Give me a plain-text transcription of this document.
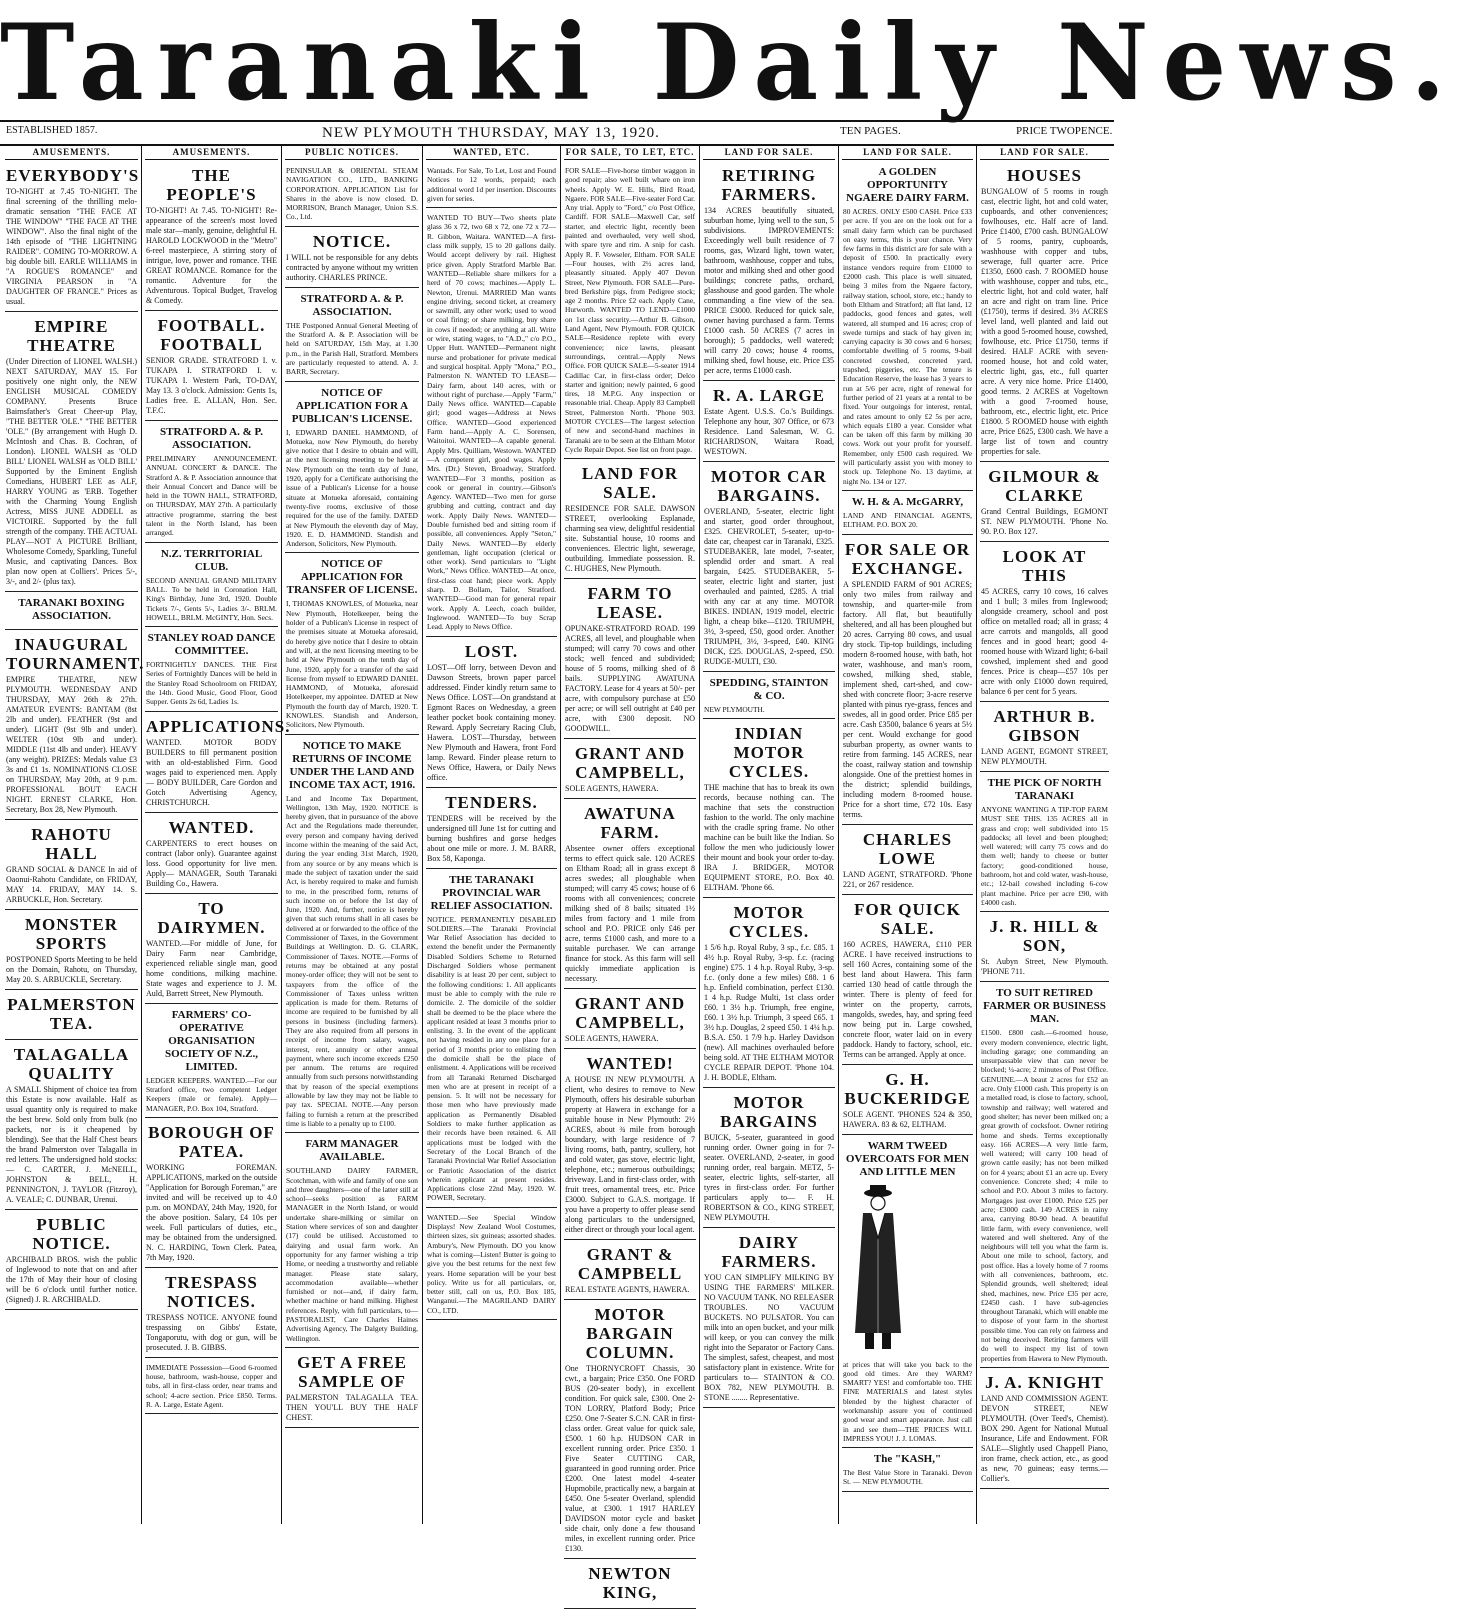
Taranaki Daily News.
ESTABLISHED 1857.	NEW PLYMOUTH THURSDAY, MAY 13, 1920.	TEN PAGES.	PRICE TWOPENCE.
AMUSEMENTS.
EVERYBODY'S

TO-NIGHT at 7.45 TO-NIGHT. The final screening of the thrilling melo-dramatic sensation "THE FACE AT THE WINDOW" "THE FACE AT THE WINDOW". Also the final night of the 14th episode of "THE LIGHTNING RAIDER". COMING TO-MORROW. A big double bill. EARLE WILLIAMS in "A ROGUE'S ROMANCE" and VIRGINIA PEARSON in "A DAUGHTER OF FRANCE." Prices as usual.

EMPIRE THEATRE

(Under Direction of LIONEL WALSH.) NEXT SATURDAY, MAY 15. For positively one night only, the NEW ENGLISH MUSICAL COMEDY COMPANY. Presents Bruce Bairnsfather's Great Cheer-up Play, "THE BETTER 'OLE." "THE BETTER 'OLE." (By arrangement with Hugh D. McIntosh and Chas. B. Cochran, of London). LIONEL WALSH as 'OLD BILL' LIONEL WALSH as 'OLD BILL' Supported by the Eminent English Comedians, HUBERT LEE as ALF, HARRY YOUNG as 'ERB. Together with the Charming Young English Actress, MISS JUNE ADDELL as VICTOIRE. Supported by the full strength of the company. THE ACTUAL PLAY—NOT A PICTURE Brilliant, Wholesome Comedy, Sparkling, Tuneful Music, and captivating Dances. Box plan now open at Colliers'. Prices 5/-, 3/-, and 2/- (plus tax).

TARANAKI BOXING ASSOCIATION.
INAUGURAL TOURNAMENT.

EMPIRE THEATRE, NEW PLYMOUTH. WEDNESDAY AND THURSDAY, MAY 26th & 27th. AMATEUR EVENTS: BANTAM (8st 2lb and under). FEATHER (9st and under). LIGHT (9st 9lb and under). WELTER (10st 9lb and under). MIDDLE (11st 4lb and under). HEAVY (any weight). PRIZES: Medals value £3 3s and £1 1s. NOMINATIONS CLOSE on THURSDAY, May 20th, at 9 p.m. PROFESSIONAL BOUT EACH NIGHT. ERNEST CLARKE, Hon. Secretary, Box 28, New Plymouth.

RAHOTU HALL

GRAND SOCIAL & DANCE In aid of Oaonui-Rahotu Candidate, on FRIDAY, MAY 14. FRIDAY, MAY 14. S. ARBUCKLE, Hon. Secretary.

MONSTER SPORTS

POSTPONED Sports Meeting to be held on the Domain, Rahotu, on Thursday, May 20. S. ARBUCKLE, Secretary.

PALMERSTON TEA.
TALAGALLA QUALITY

A SMALL Shipment of choice tea from this Estate is now available. Half as usual quantity only is required to make the best brew. Sold only from bulk (no packets, nor is it cheapened by blending). See that the Half Chest bears the brand Palmerston over Talagalla in red letters. The undersigned hold stocks:— C. CARTER, J. McNEILL, JOHNSTON & BELL, H. PENNINGTON, J. TAYLOR (Fitzroy), A. VEALE; C. DUNBAR, Urenui.

PUBLIC NOTICE.

ARCHIBALD BROS. wish the public of Inglewood to note that on and after the 17th of May their hour of closing will be 6 o'clock until further notice. (Signed) J. R. ARCHIBALD.

AMUSEMENTS.
THE PEOPLE'S

TO-NIGHT! At 7.45. TO-NIGHT! Re-appearance of the screen's most loved male star—manly, genuine, delightful H. HAROLD LOCKWOOD in the "Metro" 6-reel masterpiece, A stirring story of intrigue, love, power and romance. THE GREAT ROMANCE. Romance for the romantic. Adventure for the Adventurous. Topical Budget, Travelog & Comedy.

FOOTBALL. FOOTBALL

SENIOR GRADE. STRATFORD I. v. TUKAPA I. STRATFORD I. v. TUKAPA I. Western Park, TO-DAY, May 13. 3 o'clock. Admission: Gents 1s, Ladies free. E. ALLAN, Hon. Sec. T.F.C.

STRATFORD A. & P. ASSOCIATION.

PRELIMINARY ANNOUNCEMENT. ANNUAL CONCERT & DANCE. The Stratford A. & P. Association announce that their Annual Concert and Dance will be held in the TOWN HALL, STRATFORD, on THURSDAY, MAY 27th. A particularly attractive programme, starring the best talent in the North Island, has been arranged.

N.Z. TERRITORIAL CLUB.

SECOND ANNUAL GRAND MILITARY BALL. To be held in Coronation Hall, King's Birthday, June 3rd, 1920. Double Tickets 7/-, Gents 5/-, Ladies 3/-. BRLM. HOWELL, BRLM. McGINTY, Hon. Secs.

STANLEY ROAD DANCE COMMITTEE.

FORTNIGHTLY DANCES. THE First Series of Fortnightly Dances will be held in the Stanley Road Schoolroom on FRIDAY, the 14th. Good Music, Good Floor, Good Supper. Gents 2s 6d, Ladies 1s.

APPLICATIONS.

WANTED. MOTOR BODY BUILDERS to fill permanent position with an old-established Firm. Good wages paid to experienced men. Apply— BODY BUILDER, Care Gordon and Gotch Advertising Agency, CHRISTCHURCH.

WANTED.

CARPENTERS to erect houses on contract (labor only). Guarantee against loss. Good opportunity for live men. Apply— MANAGER, South Taranaki Building Co., Hawera.

TO DAIRYMEN.

WANTED.—For middle of June, for Dairy Farm near Cambridge, experienced reliable single man, good home conditions, milking machine. State wages and experience to J. M. Auld, Barrett Street, New Plymouth.

FARMERS' CO-OPERATIVE ORGANISATION SOCIETY OF N.Z., LIMITED.

LEDGER KEEPERS. WANTED.—For our Stratford office, two competent Ledger Keepers (male or female). Apply— MANAGER, P.O. Box 104, Stratford.

BOROUGH OF PATEA.

WORKING FOREMAN. APPLICATIONS, marked on the outside "Application for Borough Foreman," are invited and will be received up to 4.0 p.m. on MONDAY, 24th May, 1920, for the above position. Salary, £4 10s per week. Full particulars of duties, etc., may be obtained from the undersigned. N. C. HARDING, Town Clerk. Patea, 7th May, 1920.

TRESPASS NOTICES.

TRESPASS NOTICE. ANYONE found trespassing on Gibbs' Estate, Tongaporutu, with dog or gun, will be prosecuted. J. B. GIBBS.

IMMEDIATE Possession—Good 6-roomed house, bathroom, wash-house, copper and tubs, all in first-class order, near trams and school; 4-acre section. Price £850. Terms. R. A. Large, Estate Agent.

PUBLIC NOTICES.

PENINSULAR & ORIENTAL STEAM NAVIGATION CO., LTD., BANKING CORPORATION. APPLICATION List for Shares in the above is now closed. D. MORRISON, Branch Manager, Union S.S. Co., Ltd.

NOTICE.

I WILL not be responsible for any debts contracted by anyone without my written authority. CHARLES PRINCE.

STRATFORD A. & P. ASSOCIATION.

THE Postponed Annual General Meeting of the Stratford A. & P. Association will be held on SATURDAY, 15th May, at 1.30 p.m., in the Parish Hall, Stratford. Members are particularly requested to attend. A. J. BARR, Secretary.

NOTICE OF APPLICATION FOR A PUBLICAN'S LICENSE.

I, EDWARD DANIEL HAMMOND, of Motueka, now New Plymouth, do hereby give notice that I desire to obtain and will, at the next licensing meeting to be held at New Plymouth on the tenth day of June, 1920, apply for a Certificate authorising the issue of a Publican's License for a house situate at Motueka aforesaid, containing twenty-five rooms, exclusive of those required for the use of the family. DATED at New Plymouth the eleventh day of May, 1920. E. D. HAMMOND. Standish and Anderson, Solicitors, New Plymouth.

NOTICE OF APPLICATION FOR TRANSFER OF LICENSE.

I, THOMAS KNOWLES, of Motueka, near New Plymouth, Hotelkeeper, being the holder of a Publican's License in respect of the premises situate at Motueka aforesaid, do hereby give notice that I desire to obtain and will, at the next licensing meeting to be held at New Plymouth on the tenth day of June, 1920, apply for a transfer of the said license from myself to EDWARD DANIEL HAMMOND, of Motueka, aforesaid Hotelkeeper, my appointee. DATED at New Plymouth the fourth day of March, 1920. T. KNOWLES. Standish and Anderson, Solicitors, New Plymouth.

NOTICE TO MAKE RETURNS OF INCOME UNDER THE LAND AND INCOME TAX ACT, 1916.

Land and Income Tax Department, Wellington, 13th May, 1920. NOTICE is hereby given, that in pursuance of the above Act and the Regulations made thereunder, every person and company having derived income within the meaning of the said Act, during the year ending 31st March, 1920, from any source or by any means which is made the subject of taxation under the said Act, is hereby required to make and furnish to me, in the prescribed form, returns of such income on or before the 1st day of June, 1920. And, further, notice is hereby given that such returns shall in all cases be delivered at or forwarded to the office of the Commissioner of Taxes, in the Government Buildings at Wellington. D. G. CLARK, Commissioner of Taxes. NOTE.—Forms of returns may be obtained at any postal money-order office; they will not be sent to taxpayers from the office of the Commissioner of Taxes unless written application is made for them. Returns of income are required to be furnished by all persons in business (including farmers). They are also required from all persons in receipt of income from salary, wages, interest, rent, annuity or other annual payment, where such income exceeds £250 per annum. The returns are required annually from such persons notwithstanding that by reason of the special exemptions allowable by law they may not be liable to pay tax. SPECIAL NOTE.—Any person failing to furnish a return at the prescribed time is liable to a penalty up to £100.

FARM MANAGER AVAILABLE.

SOUTHLAND DAIRY FARMER, Scotchman, with wife and family of one son and three daughters—one of the latter still at school—seeks position as FARM MANAGER in the North Island, or would undertake share-milking or similar on Station where services of son and daughter (17) could be utilised. Accustomed to dairying and usual farm work. An opportunity for any farmer wishing a trip Home, or needing a trustworthy and reliable manager. Please state salary, accommodation available—whether furnished or not—and, if dairy farm, whether machine or hand milking. Highest references. Reply, with full particulars, to— PASTORALIST, Care Charles Haines Advertising Agency, The Dalgety Building, Wellington.

GET A FREE SAMPLE OF

PALMERSTON TALAGALLA TEA. THEN YOU'LL BUY THE HALF CHEST.

WANTED, ETC.

Wantads. For Sale, To Let, Lost and Found Notices to 12 words, prepaid; each additional word 1d per insertion. Discounts given for series.

WANTED TO BUY—Two sheets plate glass 36 x 72, two 68 x 72, one 72 x 72—R. Gibbon, Waitara. WANTED—A first-class milk supply, 15 to 20 gallons daily. Would accept delivery by rail. Highest price given. Apply Stratford Marble Bar. WANTED—Reliable share milkers for a herd of 70 cows; machines.—Apply L. Newton, Urenui. MARRIED Man wants engine driving, second ticket, at creamery or sawmill, any other work; used to wood or coal firing; or share milking, buy share in cows if needed; or anything at all. Write or wire, stating wages, to "A.D.," c/o P.O., Upper Hutt. WANTED—Permanent night nurse and probationer for private medical and surgical hospital. Apply "Mona," P.O., Palmerston N. WANTED TO LEASE—Dairy farm, about 140 acres, with or without right of purchase.—Apply "Farm," Daily News office. WANTED—Capable girl; good wages—Address at News Office. WANTED—Good experienced Farm hand.—Apply A. C. Sorensen, Waitoitoi. WANTED—A capable general. Apply Mrs. Quilliam, Westown. WANTED—A competent girl, good wages. Apply Mrs. (Dr.) Steven, Broadway, Stratford. WANTED—For 3 months, position as cook or general in country.—Gibson's Agency. WANTED—Two men for gorse grubbing and cutting, contract and day work. Apply Daily News. WANTED—Double furnished bed and sitting room if possible, all conveniences. Apply "Seton," Daily News. WANTED—By elderly gentleman, light occupation (clerical or other work). Send particulars to "Light Work," News Office. WANTED—At once, first-class coat hand; piece work. Apply sharp. D. Bollam, Tailor, Stratford. WANTED—Good man for general repair work. Apply A. Leech, coach builder, Inglewood. WANTED—To buy Scrap Lead. Apply to News Office.

LOST.

LOST—Off lorry, between Devon and Dawson Streets, brown paper parcel addressed. Finder kindly return same to News Office. LOST—On grandstand at Egmont Races on Wednesday, a green leather pocket book containing money. Reward. Apply Secretary Racing Club, Hawera. LOST—Thursday, between New Plymouth and Hawera, front Ford lamp. Reward. Finder please return to News Office, Hawera, or Daily News office.

TENDERS.

TENDERS will be received by the undersigned till June 1st for cutting and burning bushfires and gorse hedges about one mile or more. J. M. BARR, Box 58, Kaponga.

THE TARANAKI PROVINCIAL WAR RELIEF ASSOCIATION.

NOTICE. PERMANENTLY DISABLED SOLDIERS.—The Taranaki Provincial War Relief Association has decided to extend the benefit under the Permanently Disabled Soldiers Scheme to Returned Discharged Soldiers whose permanent disability is at least 20 per cent, subject to the following conditions: 1. All applicants must be able to comply with the rule re domicile. 2. The domicile of the soldier shall be deemed to be the place where the applicant resided at least 3 months prior to enlisting. 3. In the event of the applicant not having resided in any one place for a period of 3 months prior to enlisting then the domicile shall be the place of enlistment. 4. Applications will be received from all Taranaki Returned Discharged men who are at present in receipt of a pension. 5. It will not be necessary for those men who have previously made application as Permanently Disabled Soldiers to make further application as their records have been retained. 6. All applications must be lodged with the Secretary of the Local Branch of the Taranaki Provincial War Relief Association or Patriotic Association of the district wherein applicant at present resides. Applications close 22nd May, 1920. W. POWER, Secretary.

WANTED.—See Special Window Displays! New Zealand Wool Costumes, thirteen sizes, six guineas; assorted shades. Ambury's, New Plymouth. DO you know what is coming—Listen! Butter is going to give you the best returns for the next few years. Home separation will be your best policy. Write us for all particulars, or, better still, call on us, P.O. Box 185, Wanganui.—The MAGRILAND DAIRY CO., LTD.

FOR SALE, TO LET, ETC.

FOR SALE—Five-horse timber waggon in good repair; also well built whare on iron wheels. Apply W. E. Hills, Bird Road, Ngaere. FOR SALE—Five-seater Ford Car. Any trial. Apply to "Ford," c/o Post Office, Cardiff. FOR SALE—Maxwell Car, self starter, and electric light, recently been painted and overhauled, very well shod, with spare tyre and rim. A snip for cash. Apply R. F. Vowseler, Eltham. FOR SALE—Four houses, with 2½ acres land, pleasantly situated. Apply 407 Devon Street, New Plymouth. FOR SALE—Pure-bred Berkshire pigs, from Pedigree stock; age 2 months. Price £2 each. Apply Cane, Hurworth. WANTED TO LEND—£1000 on 1st class security.—Arthur B. Gibson, Land Agent, New Plymouth. FOR QUICK SALE—Residence replete with every convenience; nice lawns, pleasant surroundings, central.—Apply News Office. FOR QUICK SALE—5-seater 1914 Cadillac Car, in first-class order; Delco starter and ignition; newly painted, 6 good tires, 18 M.P.G. Any inspection or reasonable trial. Cheap. Apply 83 Campbell Street, Palmerston North. 'Phone 903. MOTOR CYCLES—The largest selection of new and second-hand machines in Taranaki are to be seen at the Eltham Motor Cycle Repair Depot. See list on front page.

LAND FOR SALE.

RESIDENCE FOR SALE. DAWSON STREET, overlooking Esplanade, charming sea view, delightful residential site. Substantial house, 10 rooms and conveniences. Electric light, sewerage, outbuilding. Immediate possession. R. C. HUGHES, New Plymouth.

FARM TO LEASE.

OPUNAKE-STRATFORD ROAD. 199 ACRES, all level, and ploughable when stumped; will carry 70 cows and other stock; well fenced and subdivided; house of 5 rooms, milking shed of 8 bails. SUPPLYING AWATUNA FACTORY. Lease for 4 years at 50/- per acre, with compulsory purchase at £50 per acre; or will sell outright at £40 per acre, with £300 deposit. NO GOODWILL.

GRANT AND CAMPBELL,

SOLE AGENTS, HAWERA.

AWATUNA FARM.

Absentee owner offers exceptional terms to effect quick sale. 120 ACRES on Eltham Road; all in grass except 8 acres swedes; all ploughable when stumped; will carry 45 cows; house of 6 rooms with all conveniences; concrete milking shed of 8 bails; situated 1½ miles from factory and 1 mile from school and P.O. PRICE only £46 per acre, terms £1000 cash, and more to a suitable purchaser. We can arrange finance for stock. As this farm will sell quickly immediate application is necessary.

GRANT AND CAMPBELL,

SOLE AGENTS, HAWERA.

WANTED!

A HOUSE IN NEW PLYMOUTH. A client, who desires to remove to New Plymouth, offers his desirable suburban property at Hawera in exchange for a suitable house in New Plymouth: 2½ ACRES, about ¾ mile from borough boundary, with large residence of 7 living rooms, bath, pantry, scullery, hot and cold water, gas stove, electric light, telephone, etc.; numerous outbuildings; driveway. Land in first-class order, with fruit trees, ornamental trees, etc. Price £3000. Subject to G.A.S. mortgage. If you have a property to offer please send along particulars to the undersigned, either direct or through your local agent.

GRANT & CAMPBELL

REAL ESTATE AGENTS, HAWERA.

MOTOR BARGAIN COLUMN.

One THORNYCROFT Chassis, 30 cwt., a bargain; Price £350. One FORD BUS (20-seater body), in excellent condition. For quick sale, £300. One 2-TON LORRY, Platford Body; Price £250. One 7-Seater S.C.N. CAR in first-class order. Great value for quick sale, £500. 1 60 h.p. HUDSON CAR in excellent running order. Price £350. 1 Five Seater CUTTING CAR, guaranteed in good running order. Price £200. One latest model 4-seater Hupmobile, practically new, a bargain at £450. One 5-seater Overland, splendid value, at £300. 1 1917 HARLEY DAVIDSON motor cycle and basket side chair, only done a few thousand miles, in excellent running order. Price £130.

NEWTON KING,
LAND FOR SALE.
RETIRING FARMERS.

134 ACRES beautifully situated, suburban home, lying well to the sun, 5 subdivisions. IMPROVEMENTS: Exceedingly well built residence of 7 rooms, gas, Wizard light, town water, bathroom, washhouse, copper and tubs, motor and milking shed and other good buildings; concrete paths, orchard, glasshouse and good garden. The whole commanding a fine view of the sea. PRICE £3000. Reduced for quick sale, owner having purchased a farm. Terms £1000 cash. 50 ACRES (7 acres in borough); 5 paddocks, well watered; will carry 20 cows; house 4 rooms, milking shed, fowl house, etc. Price £35 per acre, terms £1000 cash.

R. A. LARGE

Estate Agent. U.S.S. Co.'s Buildings. Telephone any hour, 307 Office, or 673 Residence. Land Salesman, W. G. RICHARDSON, Waitara Road, WESTOWN.

MOTOR CAR BARGAINS.

OVERLAND, 5-seater, electric light and starter, good order throughout, £325. CHEVROLET, 5-seater, up-to-date car, cheapest car in Taranaki, £325. STUDEBAKER, late model, 7-seater, splendid order and smart. A real bargain, £425. STUDEBAKER, 5-seater, electric light and starter, just overhauled and painted, £285. A trial with any car at any time. MOTOR BIKES. INDIAN, 1919 model, electric light, a cheap bike—£120. TRIUMPH, 3½, 3-speed, £50, good order. Another TRIUMPH, 3½, 3-speed, £40. KING DICK, £25. DOUGLAS, 2-speed, £50. RUDGE-MULTI, £30.

SPEDDING, STAINTON & CO.

NEW PLYMOUTH.

INDIAN MOTOR CYCLES.

THE machine that has to break its own records, because nothing can. The machine that sets the construction fashion to the world. The only machine with the cradle spring frame. No other machine can be built like the Indian. So follow the men who judiciously lower their mount and book your order to-day. IRA J. BRIDGER, MOTOR EQUIPMENT STORE, P.O. Box 40. ELTHAM. 'Phone 66.

MOTOR CYCLES.

1 5/6 h.p. Royal Ruby, 3 sp., f.c. £85. 1 4½ h.p. Royal Ruby, 3-sp. f.c. (racing engine) £75. 1 4 h.p. Royal Ruby, 3-sp. f.c. (only done a few miles) £88. 1 6 h.p. Enfield combination, perfect £130. 1 4 h.p. Rudge Multi, 1st class order £60. 1 3½ h.p. Triumph, free engine, £60. 1 3½ h.p. Triumph, 3 speed £65. 1 3½ h.p. Douglas, 2 speed £50. 1 4¼ h.p. B.S.A. £50. 1 7/9 h.p. Harley Davidson (new). All machines overhauled before being sold. AT THE ELTHAM MOTOR CYCLE REPAIR DEPOT. 'Phone 104. J. H. BODLE, Eltham.

MOTOR BARGAINS

BUICK, 5-seater, guaranteed in good running order. Owner going in for 7-seater. OVERLAND, 2-seater, in good running order, real bargain. METZ, 5-seater, electric lights, self-starter, all tyres in first-class order. For further particulars apply to— F. H. ROBERTSON & CO., KING STREET, NEW PLYMOUTH.

DAIRY FARMERS.

YOU CAN SIMPLIFY MILKING BY USING THE FARMERS' MILKER. NO VACUUM TANK. NO RELEASER TROUBLES. NO VACUUM BUCKETS. NO PULSATOR. You can milk into an open bucket, and your milk will keep, or you can convey the milk right into the Separator or Factory Cans. The simplest, safest, cheapest, and most satisfactory plant in existence. Write for particulars to— STAINTON & CO. BOX 782, NEW PLYMOUTH. B. STONE ........ Representative.

LAND FOR SALE.
A GOLDEN OPPORTUNITY NGAERE DAIRY FARM.

80 ACRES. ONLY £500 CASH. Price £33 per acre. If you are on the look out for a small dairy farm which can be purchased on easy terms, this is your chance. Very few farms in this district are for sale with a deposit of £500. In practically every instance vendors require from £1000 to £2000 cash. This place is well situated, being 3 miles from the Ngaere factory, railway station, school, store, etc.; handy to both Eltham and Stratford; all flat land, 12 paddocks, good fences and gates, well watered, all stumped and 16 acres; crop of swede turnips and stack of hay given in; carrying capacity is 30 cows and 6 horses; comfortable dwelling of 5 rooms, 9-bail concreted cowshed, concreted yard, trapshed, piggeries, etc. The tenure is Education Reserve, the lease has 3 years to run at 5/6 per acre, right of renewal for further period of 21 years at a rental to be fixed. Your outgoings for interest, rental, and rates amount to only £2 5s per acre, which equals £180 a year. Consider what can be taken off this farm by milking 30 cows. Work out your profit for yourself. Remember, only £500 cash required. We will particularly assist you with money to stock up. Telephone No. 13 daytime, at night No. 134 or 127.

W. H. & A. McGARRY,

LAND AND FINANCIAL AGENTS, ELTHAM. P.O. BOX 20.

FOR SALE OR EXCHANGE.

A SPLENDID FARM of 901 ACRES; only two miles from railway and township, and quarter-mile from factory. All flat, but beautifully sheltered, and all has been ploughed but 20 acres. Carrying 80 cows, and usual dry stock. Tip-top buildings, including modern 8-roomed house, with bath, hot water, washhouse, and man's room, cowshed, milking shed, stable, implement shed, cart-shed, and cow-shed with concrete floor; 3-acre reserve planted with pinus rye-grass, fences and swedes, all in good order. Price £85 per acre. Cash £3500, balance 6 years at 5½ per cent. Would exchange for good suburban property, as owner wants to retire from farming. 145 ACRES, near the coast, railway station and township alongside. One of the prettiest homes in the district; splendid buildings, including modern 8-roomed house. Price for a short time, £72 10s. Easy terms.

CHARLES LOWE

LAND AGENT, STRATFORD. 'Phone 221, or 267 residence.

FOR QUICK SALE.

160 ACRES, HAWERA, £110 PER ACRE. I have received instructions to sell 160 Acres, containing some of the best land about Hawera. This farm carried 130 head of cattle through the winter. There is plenty of feed for winter on the property, carrots, mangolds, swedes, hay, and spring feed now being put in. Large cowshed, concrete floor, water laid on in every paddock. Handy to factory, school, etc. Terms can be arranged. Apply at once.

G. H. BUCKERIDGE

SOLE AGENT. 'PHONES 524 & 350, HAWERA. 83 & 62, ELTHAM.

WARM TWEED OVERCOATS FOR MEN AND LITTLE MEN

at prices that will take you back to the good old times. Are they WARM? SMART? YES! and comfortable too. THE FINE MATERIALS and latest styles blended by the highest character of workmanship assure you of continued good wear and smart appearance. Just call in and see them—THE PRICES WILL IMPRESS YOU! J. J. LOMAS.

The "KASH,"

The Best Value Store in Taranaki. Devon St. — NEW PLYMOUTH.

LAND FOR SALE.
HOUSES

BUNGALOW of 5 rooms in rough cast, electric light, hot and cold water, cupboards, and other conveniences; fowlhouses, etc. Half acre of land. Price £1400, £700 cash. BUNGALOW of 5 rooms, pantry, cupboards, washhouse with copper and tubs, sewerage, full quarter acre. Price £1350, £600 cash. 7 ROOMED house with washhouse, copper and tubs, etc., electric light, hot and cold water, half an acre and right on tram line. Price (£1750), terms if desired. 3½ ACRES level land, well planted and laid out with a good 5-roomed house, cowshed, fowlhouse, etc. Price £1750, terms if desired. HALF ACRE with seven-roomed house, hot and cold water, electric light, gas, etc., full quarter acre. A very nice home. Price £1400, good terms. 2 ACRES at Vogeltown with a good 7-roomed house, bathroom, etc., electric light, etc. Price £1800. 5 ROOMED house with eighth acre, Price £625, £300 cash. We have a large list of town and country properties for sale.

GILMOUR & CLARKE

Grand Central Buildings, EGMONT ST. NEW PLYMOUTH. 'Phone No. 90. P.O. Box 127.

LOOK AT THIS

45 ACRES, carry 10 cows, 16 calves and 1 bull; 3 miles from Inglewood; alongside creamery, school and post office on metalled road; all in grass; 4 acre carrots and mangolds, all good fences and in good heart; good 4-roomed house with Wizard light; 6-bail cowshed, implement shed and good fences. Price is cheap—£57 10s per acre with only £1000 down required, balance 6 per cent for 5 years.

ARTHUR B. GIBSON

LAND AGENT, EGMONT STREET, NEW PLYMOUTH.

THE PICK OF NORTH TARANAKI

ANYONE WANTING A TIP-TOP FARM MUST SEE THIS. 135 ACRES all in grass and crop; well subdivided into 15 paddocks; all level and been ploughed; well watered; will carry 75 cows and do them well; handy to cheese or butter factory; good-conditioned house, bathroom, hot and cold water, wash-house, etc.; 12-bail cowshed including 6-cow plant machine. Price per acre £90, with £4000 cash.

J. R. HILL & SON,

St. Aubyn Street, New Plymouth. 'PHONE 711.

TO SUIT RETIRED FARMER OR BUSINESS MAN.

£1500. £800 cash.—6-roomed house, every modern convenience, electric light, including garage; one commanding an unsurpassable view that can never be blocked; ¼-acre; 2 minutes of Post Office. GENUINE.—A beaut 2 acres for £52 an acre. Only £1000 cash. This property is on a metalled road, is close to factory, school, township and railway; well watered and good shelter; has never been milked on; a great growth of cocksfoot. Owner retiring home and sheds. Terms exceptionally easy. 166 ACRES—A very little farm, well watered; will carry 100 head of grown cattle easily; has not been milked on for 4 years; about £1 an acre up. Every convenience. Concrete shed; 4 mile to school and P.O. About 3 miles to factory. Mortgages just over £1000. Price £25 per acre; £3000 cash. 149 ACRES in rainy area, carrying 80-90 head. A beautiful little farm, with every convenience, well watered and well sheltered. Any of the neighbours will tell you what the farm is. About one mile to school, factory, and post office. Has a lovely home of 7 rooms with all conveniences, bathroom, etc. Splendid grounds, well sheltered; ideal shed, machines, new. Price £35 per acre, £2450 cash. I have sub-agencies throughout Taranaki, which will enable me to dispose of your farm in the shortest possible time. You can rely on fairness and not being deceived. Retiring farmers will do well to inspect my list of town properties from Hawera to New Plymouth.

J. A. KNIGHT

LAND AND COMMISSION AGENT. DEVON STREET, NEW PLYMOUTH. (Over Teed's, Chemist). BOX 290. Agent for National Mutual Insurance, Life and Endowment. FOR SALE—Slightly used Chappell Piano, iron frame, check action, etc., as good as new, 70 guineas; easy terms.—Collier's.
